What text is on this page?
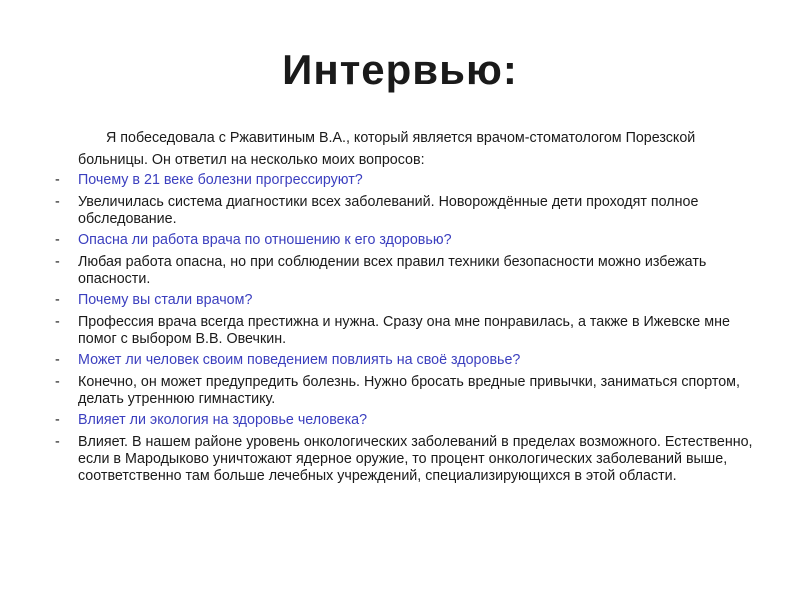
Интервью:
Я побеседовала с Ржавитиным В.А., который является врачом-стоматологом Порезской больницы. Он ответил на несколько моих вопросов:
- Почему в 21 веке болезни прогрессируют?
- Увеличилась система диагностики всех заболеваний. Новорождённые дети проходят полное обследование.
- Опасна ли работа врача по отношению к его здоровью?
- Любая работа опасна, но при соблюдении всех правил техники безопасности можно избежать опасности.
- Почему вы стали врачом?
- Профессия врача всегда престижна и нужна. Сразу она мне понравилась, а также в Ижевске мне помог с выбором В.В. Овечкин.
- Может ли человек своим поведением повлиять на своё здоровье?
- Конечно, он может предупредить болезнь. Нужно бросать вредные привычки, заниматься спортом, делать утреннюю гимнастику.
- Влияет ли экология на здоровье человека?
- Влияет. В нашем районе уровень онкологических заболеваний в пределах возможного. Естественно, если в Мародыково уничтожают ядерное оружие, то процент онкологических заболеваний выше, соответственно там больше лечебных учреждений, специализирующихся в этой области.
